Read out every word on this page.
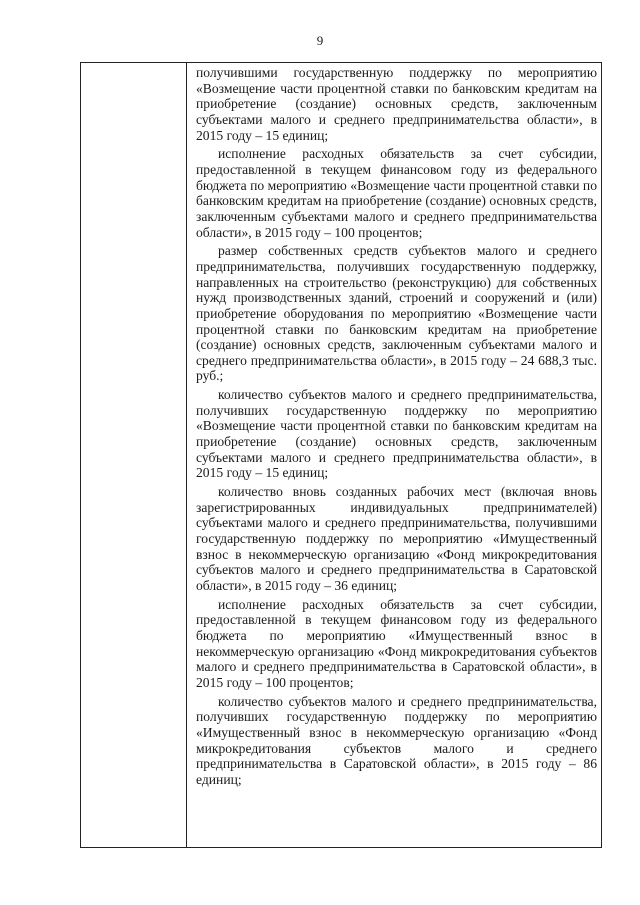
9

получившими государственную поддержку по мероприятию «Возмещение части процентной ставки по банковским кредитам на приобретение (создание) основных средств, заключенным субъектами малого и среднего предпринимательства области», в 2015 году – 15 единиц;

исполнение расходных обязательств за счет субсидии, предоставленной в текущем финансовом году из федерального бюджета по мероприятию «Возмещение части процентной ставки по банковским кредитам на приобретение (создание) основных средств, заключенным субъектами малого и среднего предпринимательства области», в 2015 году – 100 процентов;

размер собственных средств субъектов малого и среднего предпринимательства, получивших государственную поддержку, направленных на строительство (реконструкцию) для собственных нужд производственных зданий, строений и сооружений и (или) приобретение оборудования по мероприятию «Возмещение части процентной ставки по банковским кредитам на приобретение (создание) основных средств, заключенным субъектами малого и среднего предпринимательства области», в 2015 году – 24 688,3 тыс. руб.;

количество субъектов малого и среднего предпринимательства, получивших государственную поддержку по мероприятию «Возмещение части процентной ставки по банковским кредитам на приобретение (создание) основных средств, заключенным субъектами малого и среднего предпринимательства области», в 2015 году – 15 единиц;

количество вновь созданных рабочих мест (включая вновь зарегистрированных индивидуальных предпринимателей) субъектами малого и среднего предпринимательства, получившими государственную поддержку по мероприятию «Имущественный взнос в некоммерческую организацию «Фонд микрокредитования субъектов малого и среднего предпринимательства в Саратовской области», в 2015 году – 36 единиц;

исполнение расходных обязательств за счет субсидии, предоставленной в текущем финансовом году из федерального бюджета по мероприятию «Имущественный взнос в некоммерческую организацию «Фонд микрокредитования субъектов малого и среднего предпринимательства в Саратовской области», в 2015 году – 100 процентов;

количество субъектов малого и среднего предпринимательства, получивших государственную поддержку по мероприятию «Имущественный взнос в некоммерческую организацию «Фонд микрокредитования субъектов малого и среднего предпринимательства в Саратовской области», в 2015 году – 86 единиц;
